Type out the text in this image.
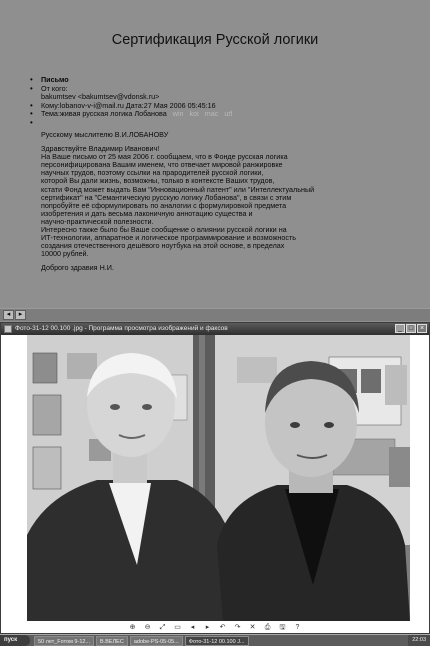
Сертификация Русской логики
• Письмо
• От кого:
bakumtsev <bakumtsev@vdonsk.ru>
• Кому:lobanov-v-i@mail.ru Дата:27 Мая 2006 05:45:16
• Тема:живая русская логика Лобанова win koi mac utf

Русскому мыслителю В.И.ЛОБАНОВУ

Здравствуйте Владимир Иванович!
На Ваше письмо от 25 мая 2006 г. сообщаем, что в Фонде русская логика
персонифицирована Вашим именем, что отвечает мировой ранжировке
научных трудов, поэтому ссылки на прародителей русской логики,
которой Вы дали жизнь, возможны, только в контексте Ваших трудов,
кстати Фонд может выдать Вам "Инновационный патент" или "Интеллектуальный
сертификат" на "Семантическую русскую логику Лобанова", в связи с этим
попробуйте её сформулировать по аналогии с формулировкой предмета
изобретения и дать весьма лаконичную аннотацию существа и
научно-практической полезности.
Интересно также было бы Ваше сообщение о влиянии русской логики на
ИТ-технологии, аппаратное и логическое программирование и возможность
создания отечественного дешёвого ноутбука на этой основе, в пределах
10000 рублей.

Доброго здравия Н.И.

◂	▸
Фото-31-12 00.100 .jpg - Программа просмотра изображений и факсов	_ □ ×
⊕ ⊖ ⤢ ▭	◂	▸	↶ ↷ ✕ ⎙ 🖫	?
пуск	50 лет_Fотом 9-12...	В.ВЕЛЕС	adobe-PS-05-05...	Фото-31-12 00.100 J...	22:03
